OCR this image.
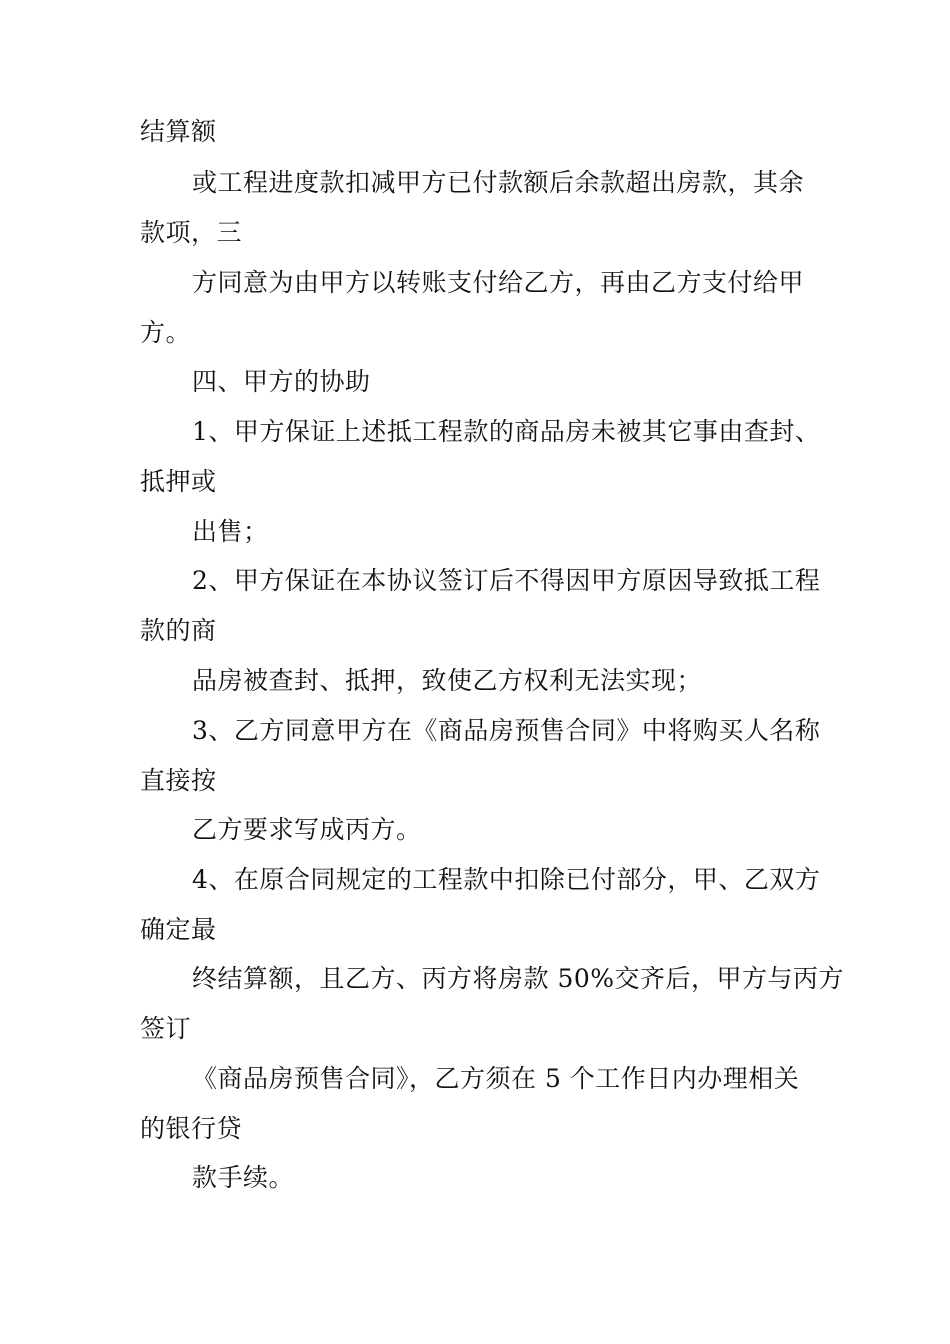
结算额
或工程进度款扣减甲方已付款额后余款超出房款，其余
款项，三
方同意为由甲方以转账支付给乙方，再由乙方支付给甲
方。
四、甲方的协助
1、甲方保证上述抵工程款的商品房未被其它事由查封、
抵押或
出售；
2、甲方保证在本协议签订后不得因甲方原因导致抵工程
款的商
品房被查封、抵押，致使乙方权利无法实现；
3、乙方同意甲方在《商品房预售合同》中将购买人名称
直接按
乙方要求写成丙方。
4、在原合同规定的工程款中扣除已付部分，甲、乙双方
确定最
终结算额，且乙方、丙方将房款 50%交齐后，甲方与丙方
签订
《商品房预售合同》，乙方须在 5 个工作日内办理相关
的银行贷
款手续。
